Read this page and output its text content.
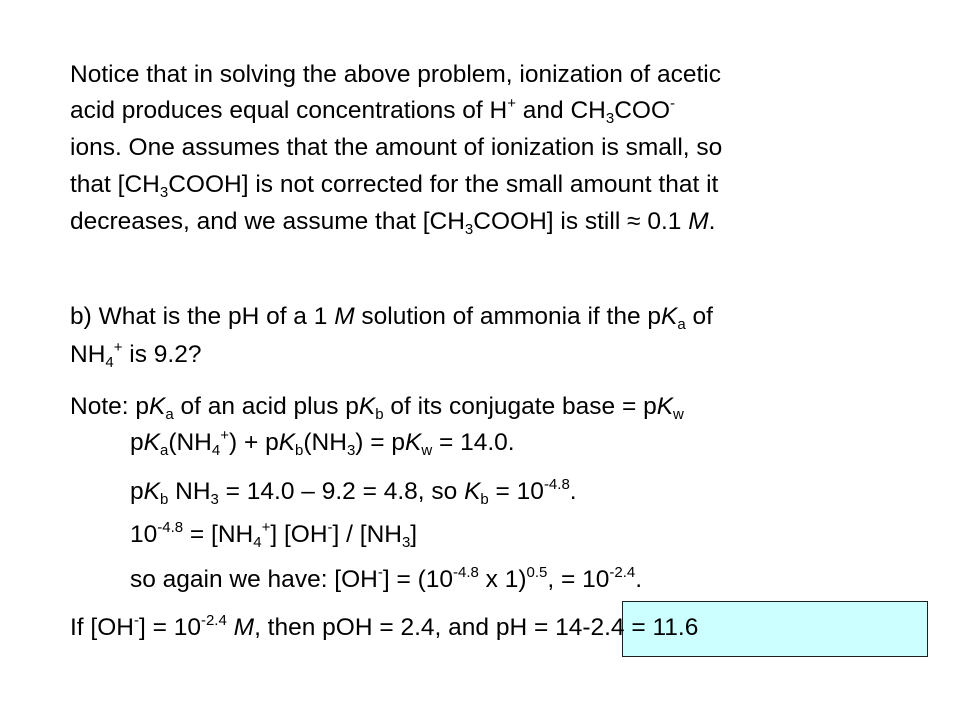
Notice that in solving the above problem, ionization of acetic
acid produces equal concentrations of H+ and $CH_3COO^-$
ions. One assumes that the amount of ionization is small, so
that $[CH_3COOH]$ is not corrected for the small amount that it
decreases, and we assume that $[CH_3COOH]$ is still ≈ 0.1 M.
b) What is the pH of a 1 M solution of ammonia if the $pK_a$ of
$NH_4^+$ is 9.2?
Note: $pK_a$ of an acid plus $pK_b$ of its conjugate base = $pK_w$
$pK_a(NH_4^+) + pK_b(NH_3) = pK_w = 14.0$.
$pK_b$ $NH_3 = 14.0 - 9.2 = 4.8$, so $K_b = 10^{-4.8}$.
$10^{-4.8} = [NH_4^+]$ $[OH^-] / [NH_3]$
so again we have: $[OH^-] = (10^{-4.8}$ x 1)$^{0.5}$, = $10^{-2.4}$.
If $[OH^-] = 10^{-2.4}$ M, then pOH = 2.4, and pH = 14-2.4 = 11.6
